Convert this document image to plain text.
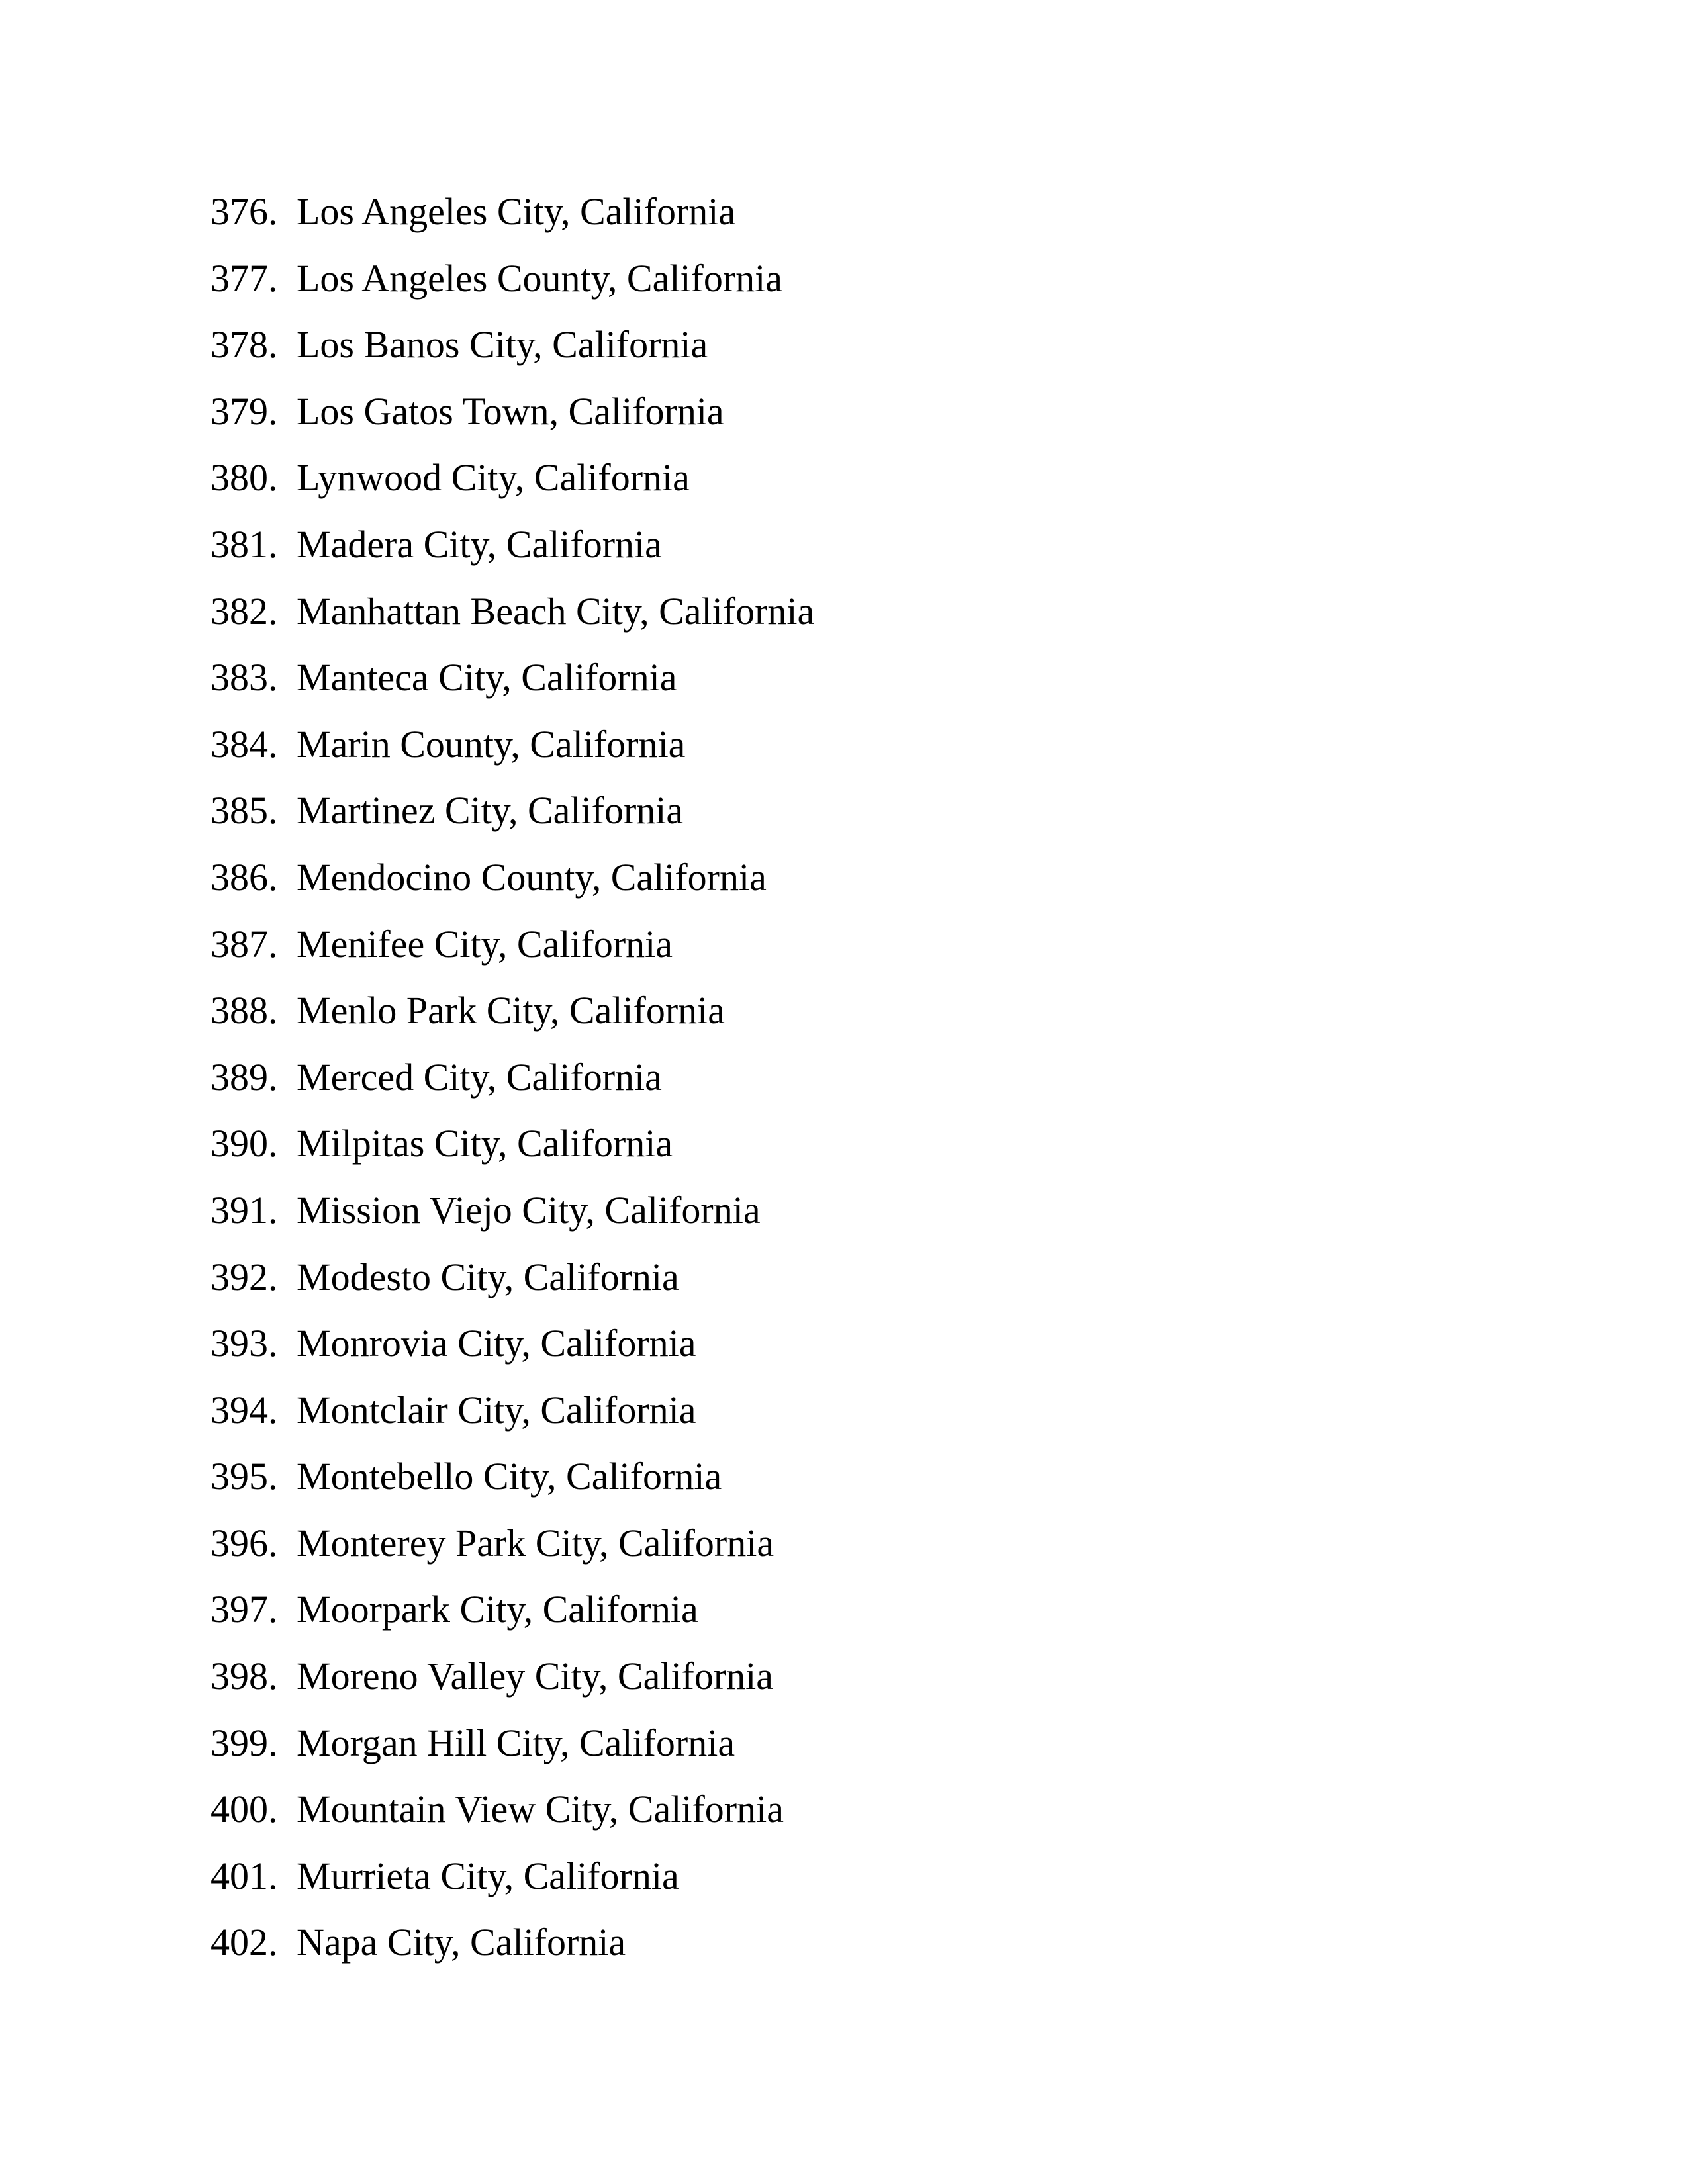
376. Los Angeles City, California
377. Los Angeles County, California
378. Los Banos City, California
379. Los Gatos Town, California
380. Lynwood City, California
381. Madera City, California
382. Manhattan Beach City, California
383. Manteca City, California
384. Marin County, California
385. Martinez City, California
386. Mendocino County, California
387. Menifee City, California
388. Menlo Park City, California
389. Merced City, California
390. Milpitas City, California
391. Mission Viejo City, California
392. Modesto City, California
393. Monrovia City, California
394. Montclair City, California
395. Montebello City, California
396. Monterey Park City, California
397. Moorpark City, California
398. Moreno Valley City, California
399. Morgan Hill City, California
400. Mountain View City, California
401. Murrieta City, California
402. Napa City, California
